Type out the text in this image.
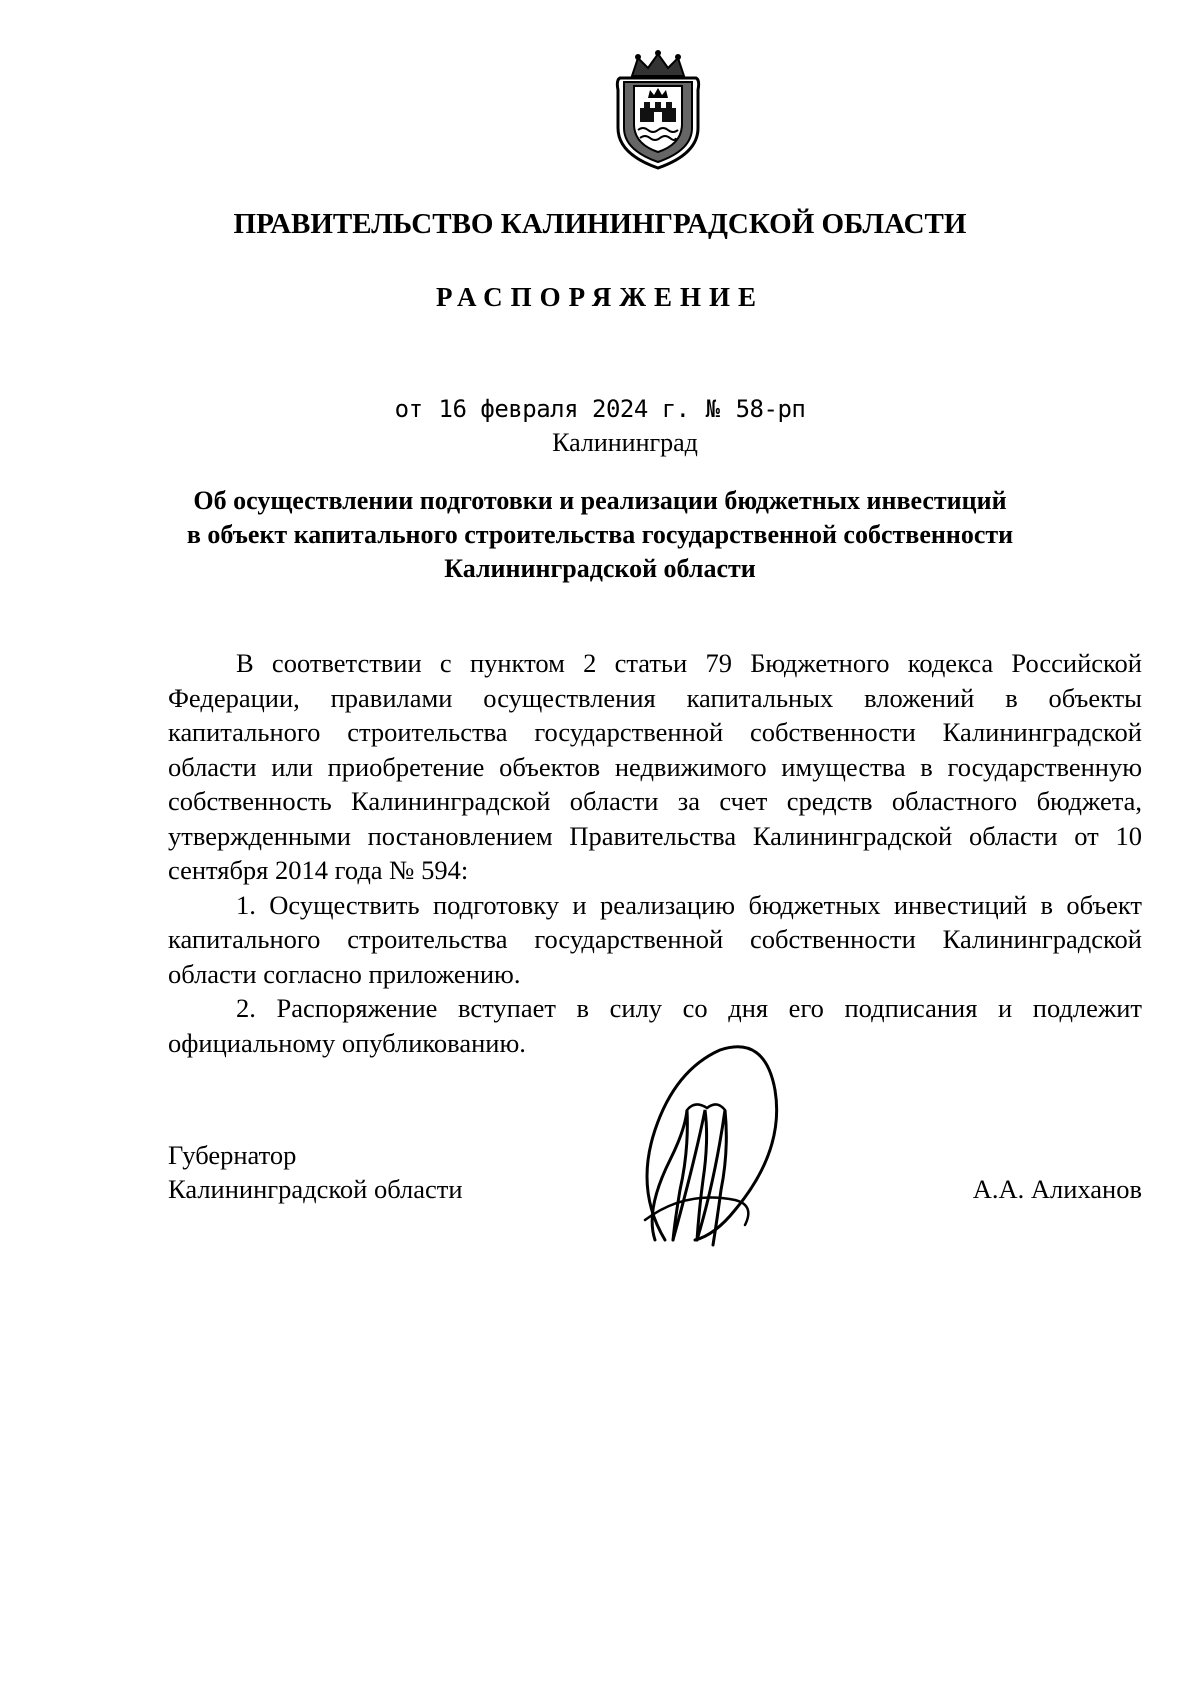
ПРАВИТЕЛЬСТВО КАЛИНИНГРАДСКОЙ ОБЛАСТИ
РАСПОРЯЖЕНИЕ
от 16 февраля 2024 г. № 58-рп
Калининград
Об осуществлении подготовки и реализации бюджетных инвестиций
в объект капитального строительства государственной собственности
Калининградской области

В соответствии с пунктом 2 статьи 79 Бюджетного кодекса Российской Федерации, правилами осуществления капитальных вложений в объекты капитального строительства государственной собственности Калининградской области или приобретение объектов недвижимого имущества в государственную собственность Калининградской области за счет средств областного бюджета, утвержденными постановлением Правительства Калининградской области от 10 сентября 2014 года № 594:

1. Осуществить подготовку и реализацию бюджетных инвестиций в объект капитального строительства государственной собственности Калининградской области согласно приложению.

2. Распоряжение вступает в силу со дня его подписания и подлежит официальному опубликованию.

Губернатор
Калининградской области	А.А. Алиханов
